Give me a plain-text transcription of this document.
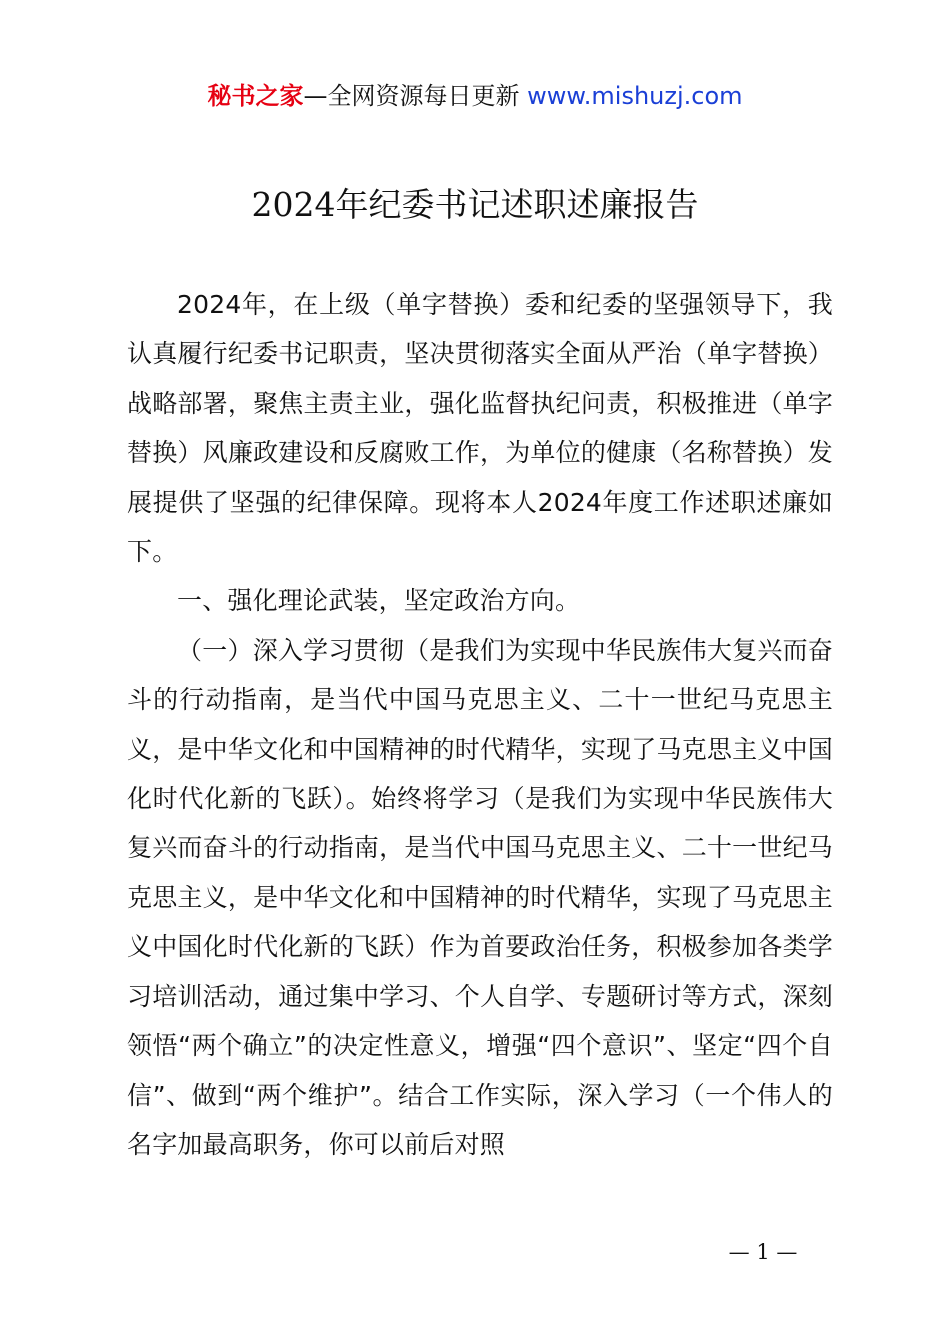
秘书之家—全网资源每日更新 www.mishuzj.com
2024年纪委书记述职述廉报告

2024年，在上级（单字替换）委和纪委的坚强领导下，我认真履行纪委书记职责，坚决贯彻落实全面从严治（单字替换）战略部署，聚焦主责主业，强化监督执纪问责，积极推进（单字替换）风廉政建设和反腐败工作，为单位的健康（名称替换）发展提供了坚强的纪律保障。现将本人2024年度工作述职述廉如下。

一、强化理论武装，坚定政治方向。

（一）深入学习贯彻（是我们为实现中华民族伟大复兴而奋斗的行动指南，是当代中国马克思主义、二十一世纪马克思主义，是中华文化和中国精神的时代精华，实现了马克思主义中国化时代化新的飞跃）。始终将学习（是我们为实现中华民族伟大复兴而奋斗的行动指南，是当代中国马克思主义、二十一世纪马克思主义，是中华文化和中国精神的时代精华，实现了马克思主义中国化时代化新的飞跃）作为首要政治任务，积极参加各类学习培训活动，通过集中学习、个人自学、专题研讨等方式，深刻领悟“两个确立”的决定性意义，增强“四个意识”、坚定“四个自信”、做到“两个维护”。结合工作实际，深入学习（一个伟人的名字加最高职务，你可以前后对照

— 1 —
